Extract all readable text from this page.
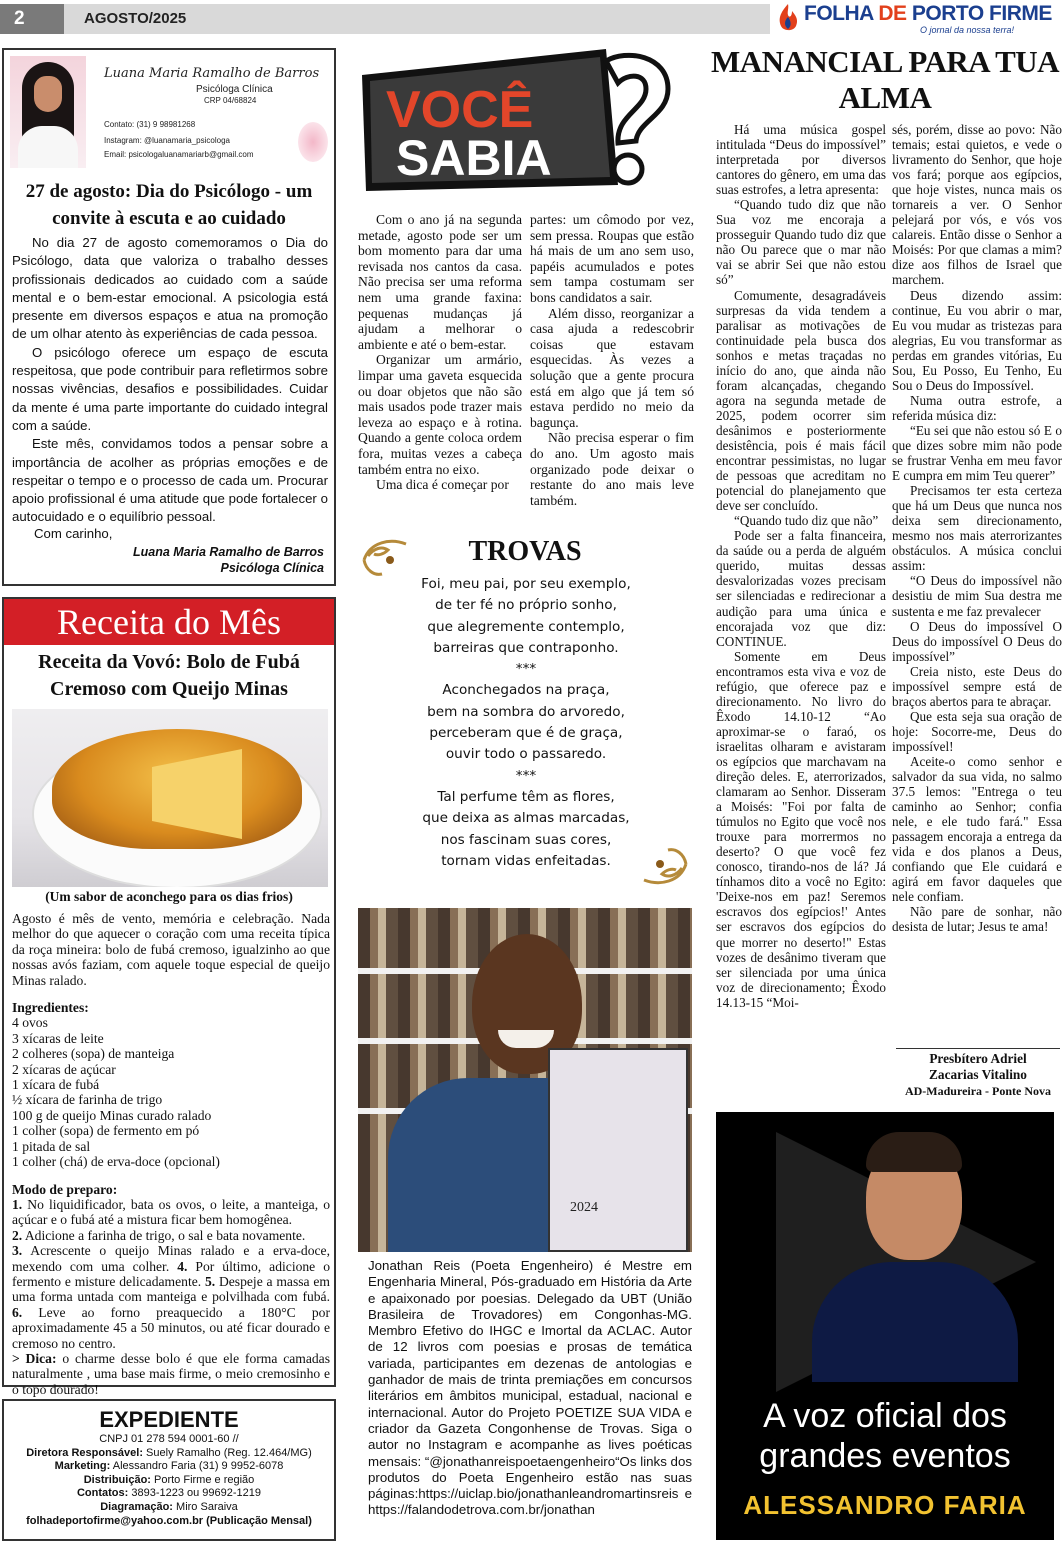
2	AGOSTO/2025	FOLHA DE PORTO FIRME
O jornal da nossa terra!
Luana Maria Ramalho de Barros
Psicóloga Clínica
CRP 04/68824
Contato: (31) 9 98981268
Instagram: @luanamaria_psicologa
Email: psicologaluanamariarb@gmail.com
27 de agosto: Dia do Psicólogo - um convite à escuta e ao cuidado

No dia 27 de agosto comemoramos o Dia do Psicólogo, data que valoriza o trabalho desses profissionais dedicados ao cuidado com a saúde mental e o bem-estar emocional. A psicologia está presente em diversos espaços e atua na promoção de um olhar atento às experiências de cada pessoa.

O psicólogo oferece um espaço de escuta respeitosa, que pode contribuir para refletirmos sobre nossas vivências, desafios e possibilidades. Cuidar da mente é uma parte importante do cuidado integral com a saúde.

Este mês, convidamos todos a pensar sobre a importância de acolher as próprias emoções e de respeitar o tempo e o processo de cada um. Procurar apoio profissional é uma atitude que pode fortalecer o autocuidado e o equilíbrio pessoal.

Com carinho,
Luana Maria Ramalho de Barros
Psicóloga Clínica
Receita do Mês
Receita da Vovó: Bolo de Fubá Cremoso com Queijo Minas
(Um sabor de aconchego para os dias frios)

Agosto é mês de vento, memória e celebração. Nada melhor do que aquecer o coração com uma receita típica da roça mineira: bolo de fubá cremoso, igualzinho ao que nossas avós faziam, com aquele toque especial de queijo Minas ralado.

Ingredientes:

4 ovos
3 xícaras de leite
2 colheres (sopa) de manteiga
2 xícaras de açúcar
1 xícara de fubá
½ xícara de farinha de trigo
100 g de queijo Minas curado ralado
1 colher (sopa) de fermento em pó
1 pitada de sal
1 colher (chá) de erva-doce (opcional)

Modo de preparo:

1. No liquidificador, bata os ovos, o leite, a manteiga, o açúcar e o fubá até a mistura ficar bem homogênea.
2. Adicione a farinha de trigo, o sal e bata novamente.
3. Acrescente o queijo Minas ralado e a erva-doce, mexendo com uma colher. 4. Por último, adicione o fermento e misture delicadamente. 5. Despeje a massa em uma forma untada com manteiga e polvilhada com fubá. 6. Leve ao forno preaquecido a 180°C por aproximadamente 45 a 50 minutos, ou até ficar dourado e cremoso no centro.

> Dica: o charme desse bolo é que ele forma camadas naturalmente , uma base mais firme, o meio cremosinho e o topo dourado!

EXPEDIENTE
CNPJ 01 278 594 0001-60 //
Diretora Responsável: Suely Ramalho (Reg. 12.464/MG)
Marketing: Alessandro Faria (31) 9 9952-6078
Distribuição: Porto Firme e região
Contatos: 3893-1223 ou 99692-1219
Diagramação: Miro Saraiva
folhadeportofirme@yahoo.com.br (Publicação Mensal)
VOCÊ
SABIA

Com o ano já na segunda metade, agosto pode ser um bom momento para dar uma revisada nos cantos da casa. Não precisa ser uma reforma nem uma grande faxina: pequenas mudanças já ajudam a melhorar o ambiente e até o bem-estar.

Organizar um armário, limpar uma gaveta esquecida ou doar objetos que não são mais usados pode trazer mais leveza ao espaço e à rotina. Quando a gente coloca ordem fora, muitas vezes a cabeça também entra no eixo.

Uma dica é começar por

partes: um cômodo por vez, sem pressa. Roupas que estão há mais de um ano sem uso, papéis acumulados e potes sem tampa costumam ser bons candidatos a sair.

Além disso, reorganizar a casa ajuda a redescobrir coisas que estavam esquecidas. Às vezes a solução que a gente procura está em algo que já tem só estava perdido no meio da bagunça.

Não precisa esperar o fim do ano. Um agosto mais organizado pode deixar o restante do ano mais leve também.

TROVAS
Foi, meu pai, por seu exemplo,
de ter fé no próprio sonho,
que alegremente contemplo,
barreiras que contraponho.
***
Aconchegados na praça,
bem na sombra do arvoredo,
perceberam que é de graça,
ouvir todo o passaredo.
***
Tal perfume têm as flores,
que deixa as almas marcadas,
nos fascinam suas cores,
tornam vidas enfeitadas.
2024
Jonathan Reis (Poeta Engenheiro) é Mestre em Engenharia Mineral, Pós-graduado em História da Arte e apaixonado por poesias. Delegado da UBT (União Brasileira de Trovadores) em Congonhas-MG. Membro Efetivo do IHGC e Imortal da ACLAC. Autor de 12 livros com poesias e prosas de temática variada, participantes em dezenas de antologias e ganhador de mais de trinta premiações em concursos literários em âmbitos municipal, estadual, nacional e internacional. Autor do Projeto POETIZE SUA VIDA e criador da Gazeta Congonhense de Trovas. Siga o autor no Instagram e acompanhe as lives poéticas mensais: “@jonathanreispoetaengenheiro“Os links dos produtos do Poeta Engenheiro estão nas suas páginas:https://uiclap.bio/jonathanleandromartinsreis e https://falandodetrova.com.br/jonathan
MANANCIAL PARA TUA ALMA

Há uma música gospel intitulada “Deus do impossível” interpretada por diversos cantores do gênero, em uma das suas estrofes, a letra apresenta:

“Quando tudo diz que não Sua voz me encoraja a prosseguir Quando tudo diz que não Ou parece que o mar não vai se abrir Sei que não estou só”

Comumente, desagradáveis surpresas da vida tendem a paralisar as motivações de continuidade pela busca dos sonhos e metas traçadas no início do ano, que ainda não foram alcançadas, chegando agora na segunda metade de 2025, podem ocorrer sim desânimos e posteriormente desistência, pois é mais fácil encontrar pessimistas, no lugar de pessoas que acreditam no potencial do planejamento que deve ser concluído.

“Quando tudo diz que não”

Pode ser a falta financeira, da saúde ou a perda de alguém querido, muitas dessas desvalorizadas vozes precisam ser silenciadas e redirecionar a audição para uma única e encorajada voz que diz: CONTINUE.

Somente em Deus encontramos esta viva e voz de refúgio, que oferece paz e direcionamento. No livro do Êxodo 14.10-12 “Ao aproximar-se o faraó, os israelitas olharam e avistaram os egípcios que marchavam na direção deles. E, aterrorizados, clamaram ao Senhor. Disseram a Moisés: "Foi por falta de túmulos no Egito que você nos trouxe para morrermos no deserto? O que você fez conosco, tirando-nos de lá? Já tínhamos dito a você no Egito: 'Deixe-nos em paz! Seremos escravos dos egípcios!' Antes ser escravos dos egípcios do que morrer no deserto!" Estas vozes de desânimo tiveram que ser silenciada por uma única voz de direcionamento; Êxodo 14.13-15 “Moi-

sés, porém, disse ao povo: Não temais; estai quietos, e vede o livramento do Senhor, que hoje vos fará; porque aos egípcios, que hoje vistes, nunca mais os tornareis a ver. O Senhor pelejará por vós, e vós vos calareis. Então disse o Senhor a Moisés: Por que clamas a mim? dize aos filhos de Israel que marchem.

Deus dizendo assim: continue, Eu vou abrir o mar, Eu vou mudar as tristezas para alegrias, Eu vou transformar as perdas em grandes vitórias, Eu Sou, Eu Posso, Eu Tenho, Eu Sou o Deus do Impossível.

Numa outra estrofe, a referida música diz:

“Eu sei que não estou só E o que dizes sobre mim não pode se frustrar Venha em meu favor E cumpra em mim Teu querer”

Precisamos ter esta certeza que há um Deus que nunca nos deixa sem direcionamento, mesmo nos mais aterrorizantes obstáculos. A música conclui assim:

“O Deus do impossível não desistiu de mim Sua destra me sustenta e me faz prevalecer

O Deus do impossível O Deus do impossível O Deus do impossível”

Creia nisto, este Deus do impossível sempre está de braços abertos para te abraçar.

Que esta seja sua oração de hoje: Socorre-me, Deus do impossível!

Aceite-o como senhor e salvador da sua vida, no salmo 37.5 lemos: "Entrega o teu caminho ao Senhor; confia nele, e ele tudo fará." Essa passagem encoraja a entrega da vida e dos planos a Deus, confiando que Ele cuidará e agirá em favor daqueles que nele confiam.

Não pare de sonhar, não desista de lutar; Jesus te ama!

Presbítero Adriel
Zacarias Vitalino
AD-Madureira - Ponte Nova
A voz oficial dos
grandes eventos
ALESSANDRO FARIA
